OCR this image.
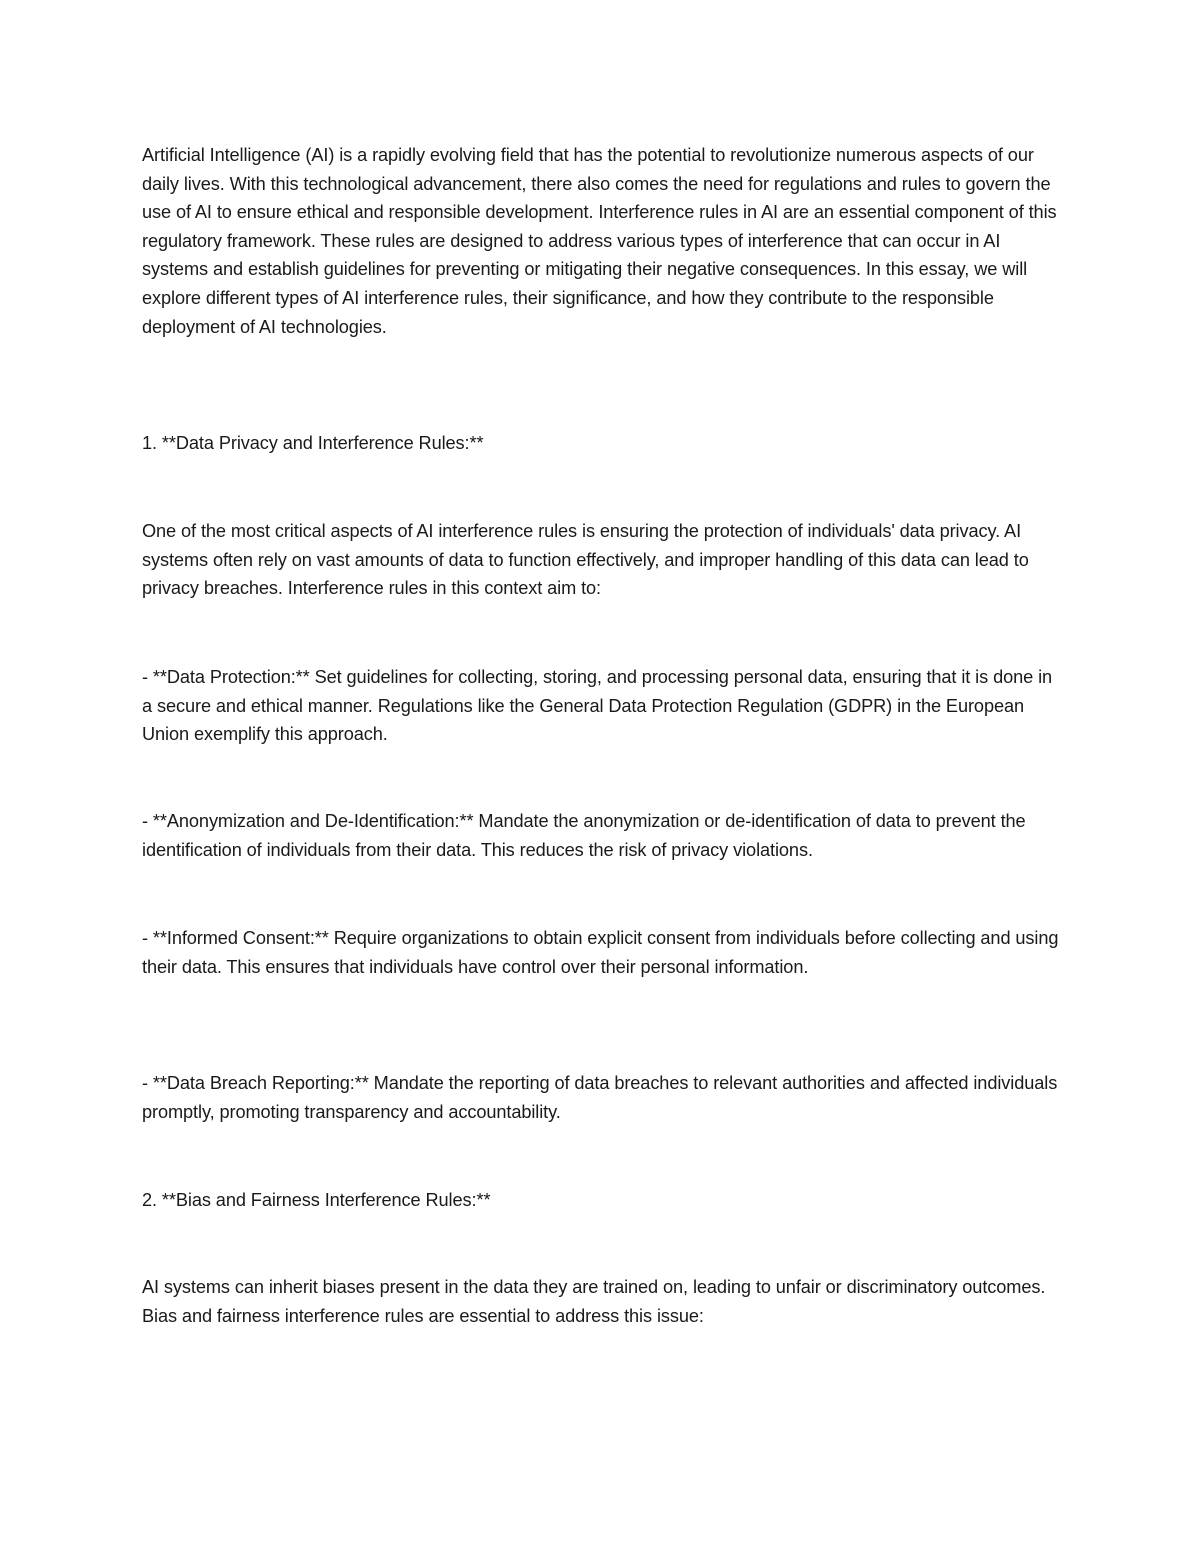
Artificial Intelligence (AI) is a rapidly evolving field that has the potential to revolutionize numerous aspects of our daily lives. With this technological advancement, there also comes the need for regulations and rules to govern the use of AI to ensure ethical and responsible development. Interference rules in AI are an essential component of this regulatory framework. These rules are designed to address various types of interference that can occur in AI systems and establish guidelines for preventing or mitigating their negative consequences. In this essay, we will explore different types of AI interference rules, their significance, and how they contribute to the responsible deployment of AI technologies.

1. **Data Privacy and Interference Rules:**

One of the most critical aspects of AI interference rules is ensuring the protection of individuals' data privacy. AI systems often rely on vast amounts of data to function effectively, and improper handling of this data can lead to privacy breaches. Interference rules in this context aim to:

- **Data Protection:** Set guidelines for collecting, storing, and processing personal data, ensuring that it is done in a secure and ethical manner. Regulations like the General Data Protection Regulation (GDPR) in the European Union exemplify this approach.

- **Anonymization and De-Identification:** Mandate the anonymization or de-identification of data to prevent the identification of individuals from their data. This reduces the risk of privacy violations.

- **Informed Consent:** Require organizations to obtain explicit consent from individuals before collecting and using their data. This ensures that individuals have control over their personal information.

- **Data Breach Reporting:** Mandate the reporting of data breaches to relevant authorities and affected individuals promptly, promoting transparency and accountability.

2. **Bias and Fairness Interference Rules:**

AI systems can inherit biases present in the data they are trained on, leading to unfair or discriminatory outcomes. Bias and fairness interference rules are essential to address this issue:
